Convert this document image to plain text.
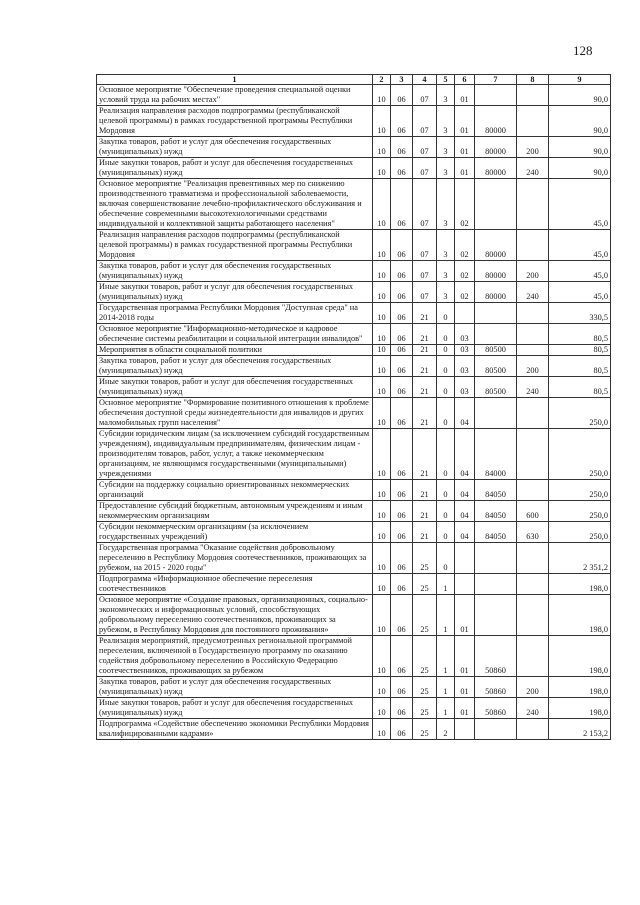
128
1	2	3	4	5	6	7	8	9
Основное мероприятие "Обеспечение проведения специальной оценки условий труда на рабочих местах"	10	06	07	3	01			90,0
Реализация направления расходов подпрограммы (республиканской целевой программы) в рамках государственной программы Республики Мордовия	10	06	07	3	01	80000		90,0
Закупка товаров, работ и услуг для обеспечения государственных (муниципальных) нужд	10	06	07	3	01	80000	200	90,0
Иные закупки товаров, работ и услуг для обеспечения государственных (муниципальных) нужд	10	06	07	3	01	80000	240	90,0
Основное мероприятие "Реализация превентивных мер по снижению производственного травматизма и профессиональной заболеваемости, включая совершенствование лечебно-профилактического обслуживания и обеспечение современными высокотехнологичными средствами индивидуальной и коллективной защиты работающего населения"	10	06	07	3	02			45,0
Реализация направления расходов подпрограммы (республиканской целевой программы) в рамках государственной программы Республики Мордовия	10	06	07	3	02	80000		45,0
Закупка товаров, работ и услуг для обеспечения государственных (муниципальных) нужд	10	06	07	3	02	80000	200	45,0
Иные закупки товаров, работ и услуг для обеспечения государственных (муниципальных) нужд	10	06	07	3	02	80000	240	45,0
Государственная программа Республики Мордовия "Доступная среда" на 2014-2018 годы	10	06	21	0				330,5
Основное мероприятие "Информационно-методическое и кадровое обеспечение системы реабилитации и социальной интеграции инвалидов"	10	06	21	0	03			80,5
Мероприятия в области социальной политики	10	06	21	0	03	80500		80,5
Закупка товаров, работ и услуг для обеспечения государственных (муниципальных) нужд	10	06	21	0	03	80500	200	80,5
Иные закупки товаров, работ и услуг для обеспечения государственных (муниципальных) нужд	10	06	21	0	03	80500	240	80,5
Основное мероприятие "Формирование позитивного отношения к проблеме обеспечения доступной среды жизнедеятельности для инвалидов и других маломобильных групп населения"	10	06	21	0	04			250,0
Субсидии юридическим лицам (за исключением субсидий государственным учреждениям), индивидуальным предпринимателям, физическим лицам - производителям товаров, работ, услуг, а также некоммерческим организациям, не являющимся государственными (муниципальными) учреждениями	10	06	21	0	04	84000		250,0
Субсидии на поддержку социально ориентированных некоммерческих организаций	10	06	21	0	04	84050		250,0
Предоставление субсидий бюджетным, автономным учреждениям и иным некоммерческим организациям	10	06	21	0	04	84050	600	250,0
Субсидии некоммерческим организациям (за исключением государственных учреждений)	10	06	21	0	04	84050	630	250,0
Государственная программа "Оказание содействия добровольному переселению в Республику Мордовия соотечественников, проживающих за рубежом, на 2015 - 2020 годы"	10	06	25	0				2 351,2
Подпрограмма «Информационное обеспечение переселения соотечественников	10	06	25	1				198,0
Основное мероприятие «Создание правовых, организационных, социально-экономических и информационных условий, способствующих добровольному переселению соотечественников, проживающих за рубежом, в Республику Мордовия для постоянного проживания»	10	06	25	1	01			198,0
Реализация мероприятий, предусмотренных региональной программой переселения, включенной в Государственную программу по оказанию содействия добровольному переселению в Российскую Федерацию соотечественников, проживающих за рубежом	10	06	25	1	01	50860		198,0
Закупка товаров, работ и услуг для обеспечения государственных (муниципальных) нужд	10	06	25	1	01	50860	200	198,0
Иные закупки товаров, работ и услуг для обеспечения государственных (муниципальных) нужд	10	06	25	1	01	50860	240	198,0
Подпрограмма «Содействие обеспечению экономики Республики Мордовия квалифицированными кадрами»	10	06	25	2				2 153,2
